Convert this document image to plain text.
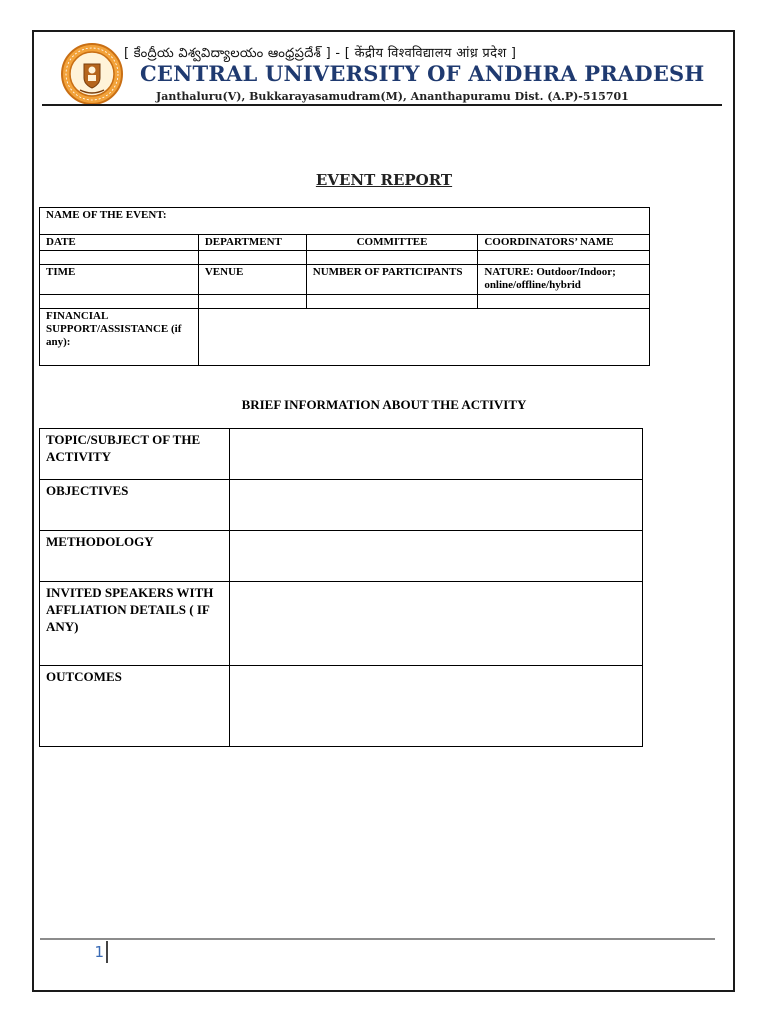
[ కేంద్రీయ విశ్వవిద్యాలయం ఆంధ్రప్రదేశ్ ] - [ केंद्रीय विश्वविद्यालय आंध्र प्रदेश ]
CENTRAL UNIVERSITY OF ANDHRA PRADESH
Janthaluru(V), Bukkarayasamudram(M), Ananthapuramu Dist. (A.P)-515701
EVENT REPORT
NAME OF THE EVENT:			
DATE	DEPARTMENT	COMMITTEE	COORDINATORS’ NAME

TIME	VENUE	NUMBER OF PARTICIPANTS	NATURE: Outdoor/Indoor; online/offline/hybrid

FINANCIAL SUPPORT/ASSISTANCE (if any):			
BRIEF INFORMATION ABOUT THE ACTIVITY
TOPIC/SUBJECT OF THE ACTIVITY	
OBJECTIVES	
METHODOLOGY	
INVITED SPEAKERS WITH AFFLIATION DETAILS ( IF ANY)	
OUTCOMES	
1
